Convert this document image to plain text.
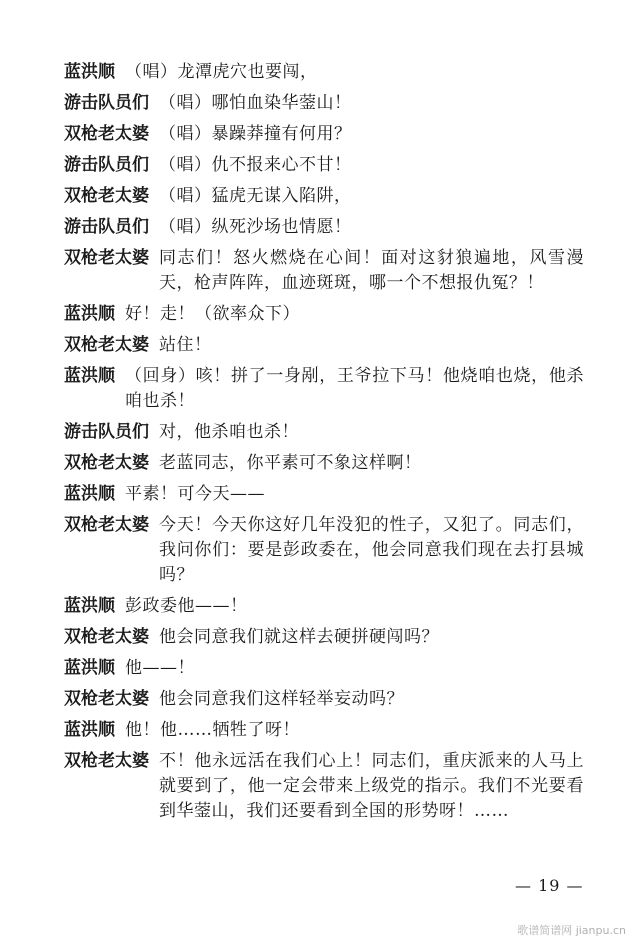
蓝洪顺 （唱）龙潭虎穴也要闯，
游击队员们 （唱）哪怕血染华蓥山！
双枪老太婆 （唱）暴躁莽撞有何用？
游击队员们 （唱）仇不报来心不甘！
双枪老太婆 （唱）猛虎无谋入陷阱，
游击队员们 （唱）纵死沙场也情愿！
双枪老太婆 同志们！怒火燃烧在心间！面对这豺狼遍地，风雪漫天，枪声阵阵，血迹斑斑，哪一个不想报仇冤？！
蓝洪顺 好！走！（欲率众下）
双枪老太婆 站住！
蓝洪顺 （回身）咳！拼了一身剐，王爷拉下马！他烧咱也烧，他杀咱也杀！
游击队员们 对，他杀咱也杀！
双枪老太婆 老蓝同志，你平素可不象这样啊！
蓝洪顺 平素！可今天——
双枪老太婆 今天！今天你这好几年没犯的性子，又犯了。同志们，我问你们：要是彭政委在，他会同意我们现在去打县城吗？
蓝洪顺 彭政委他——！
双枪老太婆 他会同意我们就这样去硬拼硬闯吗？
蓝洪顺 他——！
双枪老太婆 他会同意我们这样轻举妄动吗？
蓝洪顺 他！他……牺牲了呀！
双枪老太婆 不！他永远活在我们心上！同志们，重庆派来的人马上就要到了，他一定会带来上级党的指示。我们不光要看到华蓥山，我们还要看到全国的形势呀！……
— 19 —
歌谱简谱网 jianpu.cn
